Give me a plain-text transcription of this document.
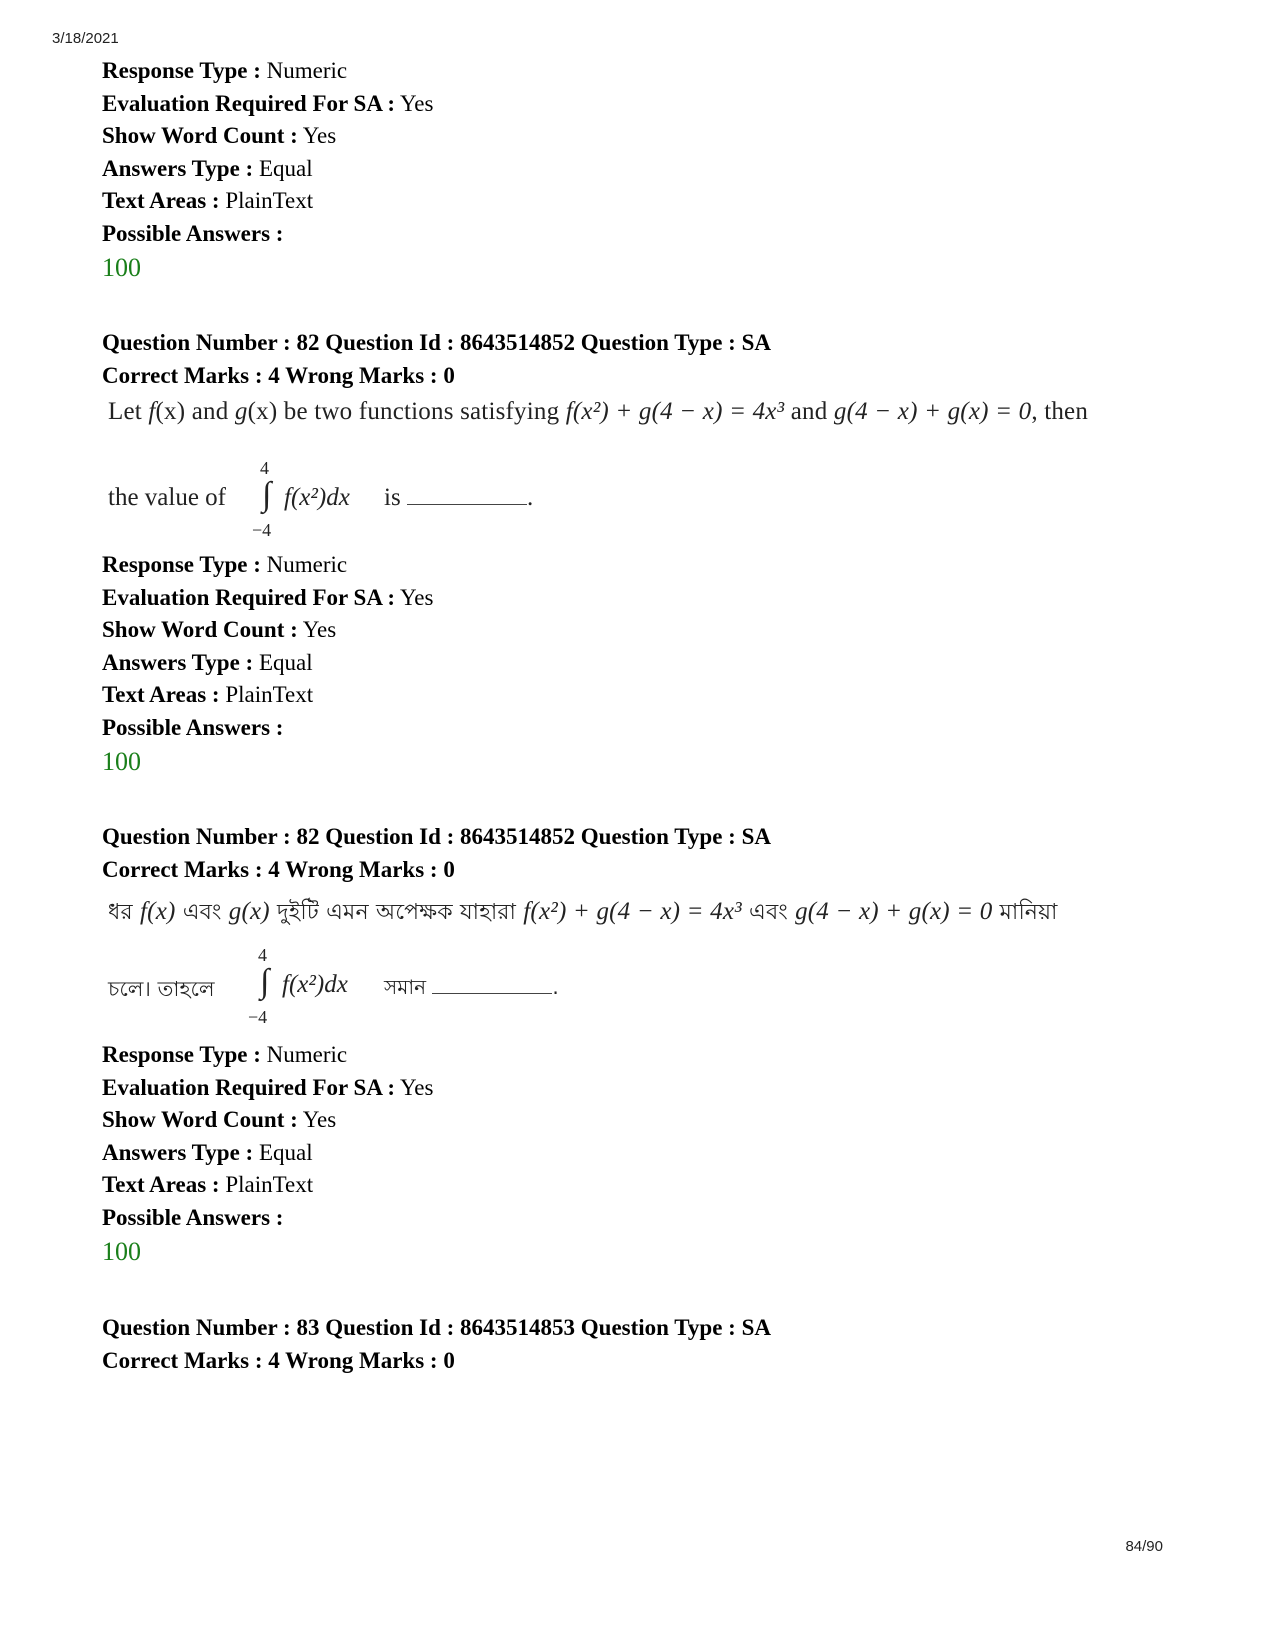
3/18/2021
Response Type : Numeric
Evaluation Required For SA : Yes
Show Word Count : Yes
Answers Type : Equal
Text Areas : PlainText
Possible Answers :
100
Question Number : 82 Question Id : 8643514852 Question Type : SA
Correct Marks : 4 Wrong Marks : 0
Let f(x) and g(x) be two functions satisfying f(x²) + g(4 − x) = 4x³ and g(4 − x) + g(x) = 0, then
the value of
4
∫
−4
f(x²)dx is	.
Response Type : Numeric
Evaluation Required For SA : Yes
Show Word Count : Yes
Answers Type : Equal
Text Areas : PlainText
Possible Answers :
100
Question Number : 82 Question Id : 8643514852 Question Type : SA
Correct Marks : 4 Wrong Marks : 0
ধর f(x) এবং g(x) দুইটি এমন অপেক্ষক যাহারা f(x²) + g(4 − x) = 4x³ এবং g(4 − x) + g(x) = 0 মানিয়া
চলে। তাহলে
4
∫
−4
f(x²)dx সমান	.
Response Type : Numeric
Evaluation Required For SA : Yes
Show Word Count : Yes
Answers Type : Equal
Text Areas : PlainText
Possible Answers :
100
Question Number : 83 Question Id : 8643514853 Question Type : SA
Correct Marks : 4 Wrong Marks : 0
84/90
